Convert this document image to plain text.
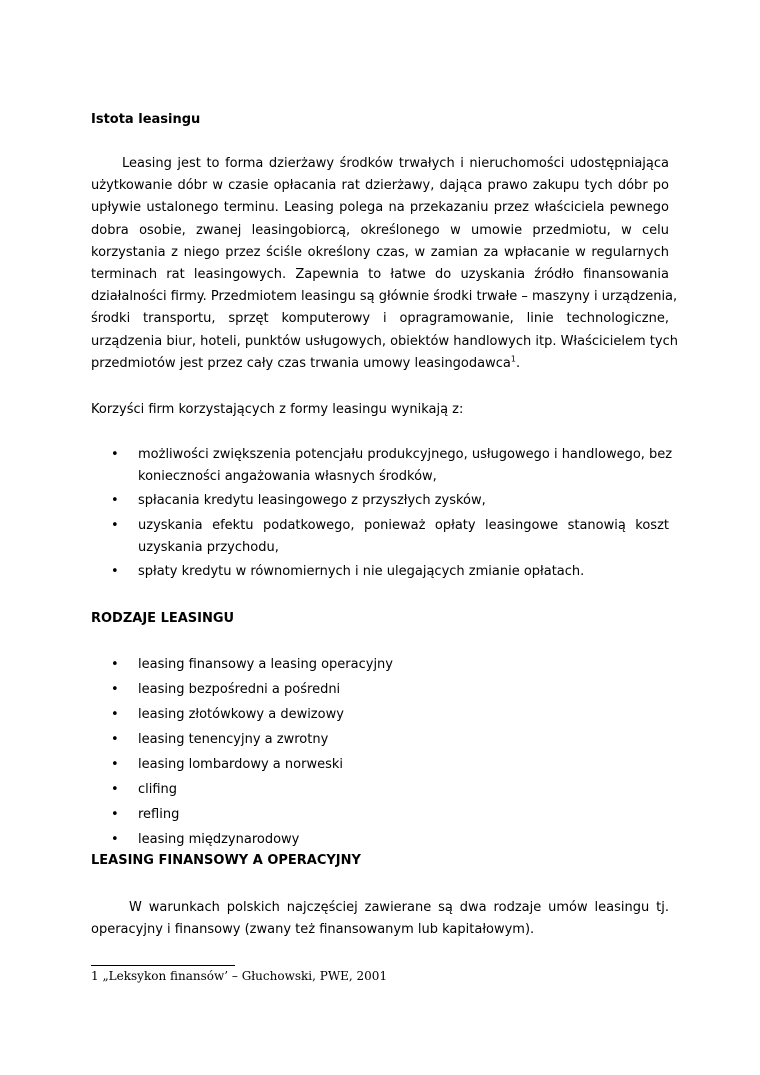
Istota leasingu

Leasing jest to forma dzierżawy środków trwałych i nieruchomości udostępniająca
użytkowanie dóbr w czasie opłacania rat dzierżawy, dająca prawo zakupu tych dóbr po
upływie ustalonego terminu. Leasing polega na przekazaniu przez właściciela pewnego
dobra osobie, zwanej leasingobiorcą, określonego w umowie przedmiotu, w celu
korzystania z niego przez ściśle określony czas, w zamian za wpłacanie w regularnych
terminach rat leasingowych. Zapewnia to łatwe do uzyskania źródło finansowania
działalności firmy. Przedmiotem leasingu są głównie środki trwałe – maszyny i urządzenia,
środki transportu, sprzęt komputerowy i opragramowanie, linie technologiczne,
urządzenia biur, hoteli, punktów usługowych, obiektów handlowych itp. Właścicielem tych
przedmiotów jest przez cały czas trwania umowy leasingodawca$^1$.

Korzyści firm korzystających z formy leasingu wynikają z:

• możliwości zwiększenia potencjału produkcyjnego, usługowego i handlowego, bez
konieczności angażowania własnych środków,
• spłacania kredytu leasingowego z przyszłych zysków,
• uzyskania efektu podatkowego, ponieważ opłaty leasingowe stanowią koszt
uzyskania przychodu,
• spłaty kredytu w równomiernych i nie ulegających zmianie opłatach.
RODZAJE LEASINGU
• leasing finansowy a leasing operacyjny
• leasing bezpośredni a pośredni
• leasing złotówkowy a dewizowy
• leasing tenencyjny a zwrotny
• leasing lombardowy a norweski
• clifing
• refling
• leasing międzynarodowy
LEASING FINANSOWY A OPERACYJNY

W warunkach polskich najczęściej zawierane są dwa rodzaje umów leasingu tj.
operacyjny i finansowy (zwany też finansowanym lub kapitałowym).

1 „Leksykon finansów’ – Głuchowski, PWE, 2001
